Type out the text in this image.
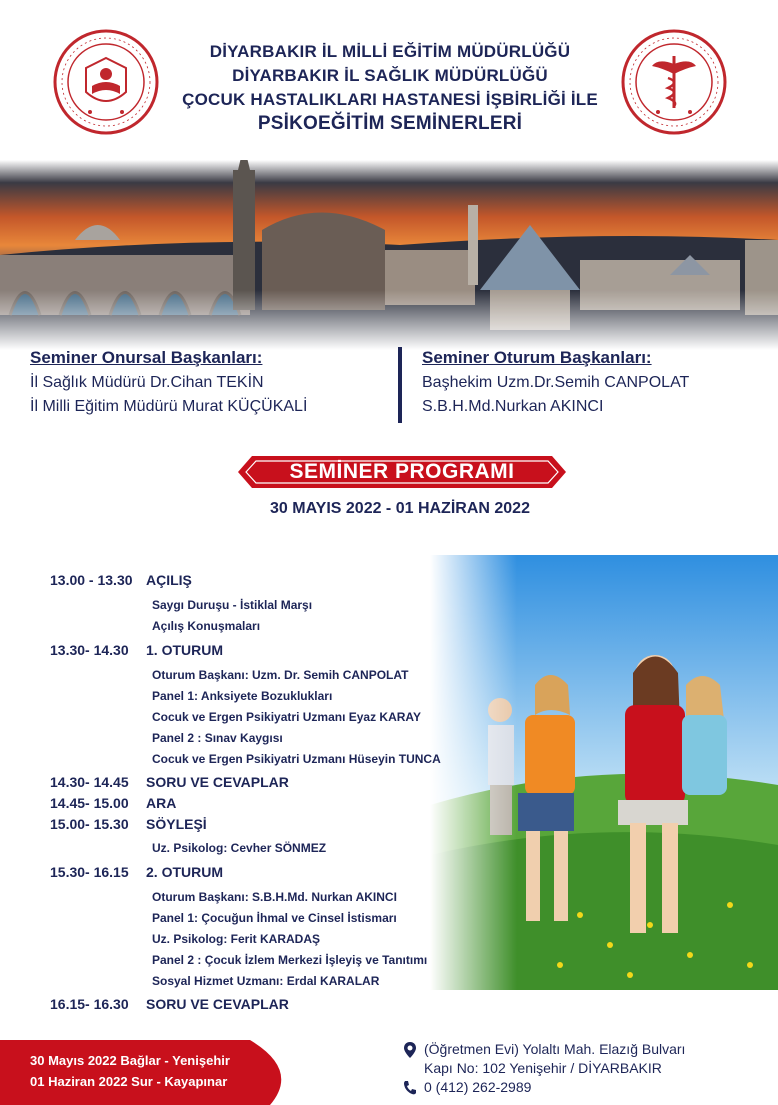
DİYARBAKIR İL MİLLİ EĞİTİM MÜDÜRLÜĞÜ
DİYARBAKIR İL SAĞLIK MÜDÜRLÜĞÜ
ÇOCUK HASTALIKLARI HASTANESİ İŞBİRLİĞİ İLE
PSİKOEĞİTİM SEMİNERLERİ
Seminer Onursal Başkanları:
İl Sağlık Müdürü Dr.Cihan TEKİN
İl Milli Eğitim Müdürü Murat KÜÇÜKALİ
Seminer Oturum Başkanları:
Başhekim Uzm.Dr.Semih CANPOLAT
S.B.H.Md.Nurkan AKINCI
SEMİNER PROGRAMI
30 MAYIS 2022 - 01 HAZİRAN 2022
13.00 - 13.30 AÇILIŞ
Saygı Duruşu - İstiklal Marşı
Açılış Konuşmaları
13.30- 14.30 1. OTURUM
Oturum Başkanı: Uzm. Dr. Semih CANPOLAT
Panel 1: Anksiyete Bozuklukları
Cocuk ve Ergen Psikiyatri Uzmanı Eyaz KARAY
Panel 2 : Sınav Kaygısı
Cocuk ve Ergen Psikiyatri Uzmanı Hüseyin TUNCA
14.30- 14.45 SORU VE CEVAPLAR
14.45- 15.00 ARA
15.00- 15.30 SÖYLEŞİ
Uz. Psikolog: Cevher SÖNMEZ
15.30- 16.15 2. OTURUM
Oturum Başkanı: S.B.H.Md. Nurkan AKINCI
Panel 1: Çocuğun İhmal ve Cinsel İstismarı
Uz. Psikolog: Ferit KARADAŞ
Panel 2 : Çocuk İzlem Merkezi İşleyiş ve Tanıtımı
Sosyal Hizmet Uzmanı: Erdal KARALAR
16.15- 16.30 SORU VE CEVAPLAR
30 Mayıs 2022 Bağlar - Yenişehir
01 Haziran 2022 Sur - Kayapınar
(Öğretmen Evi) Yolaltı Mah. Elazığ Bulvarı
Kapı No: 102 Yenişehir / DİYARBAKIR
0 (412) 262-2989
